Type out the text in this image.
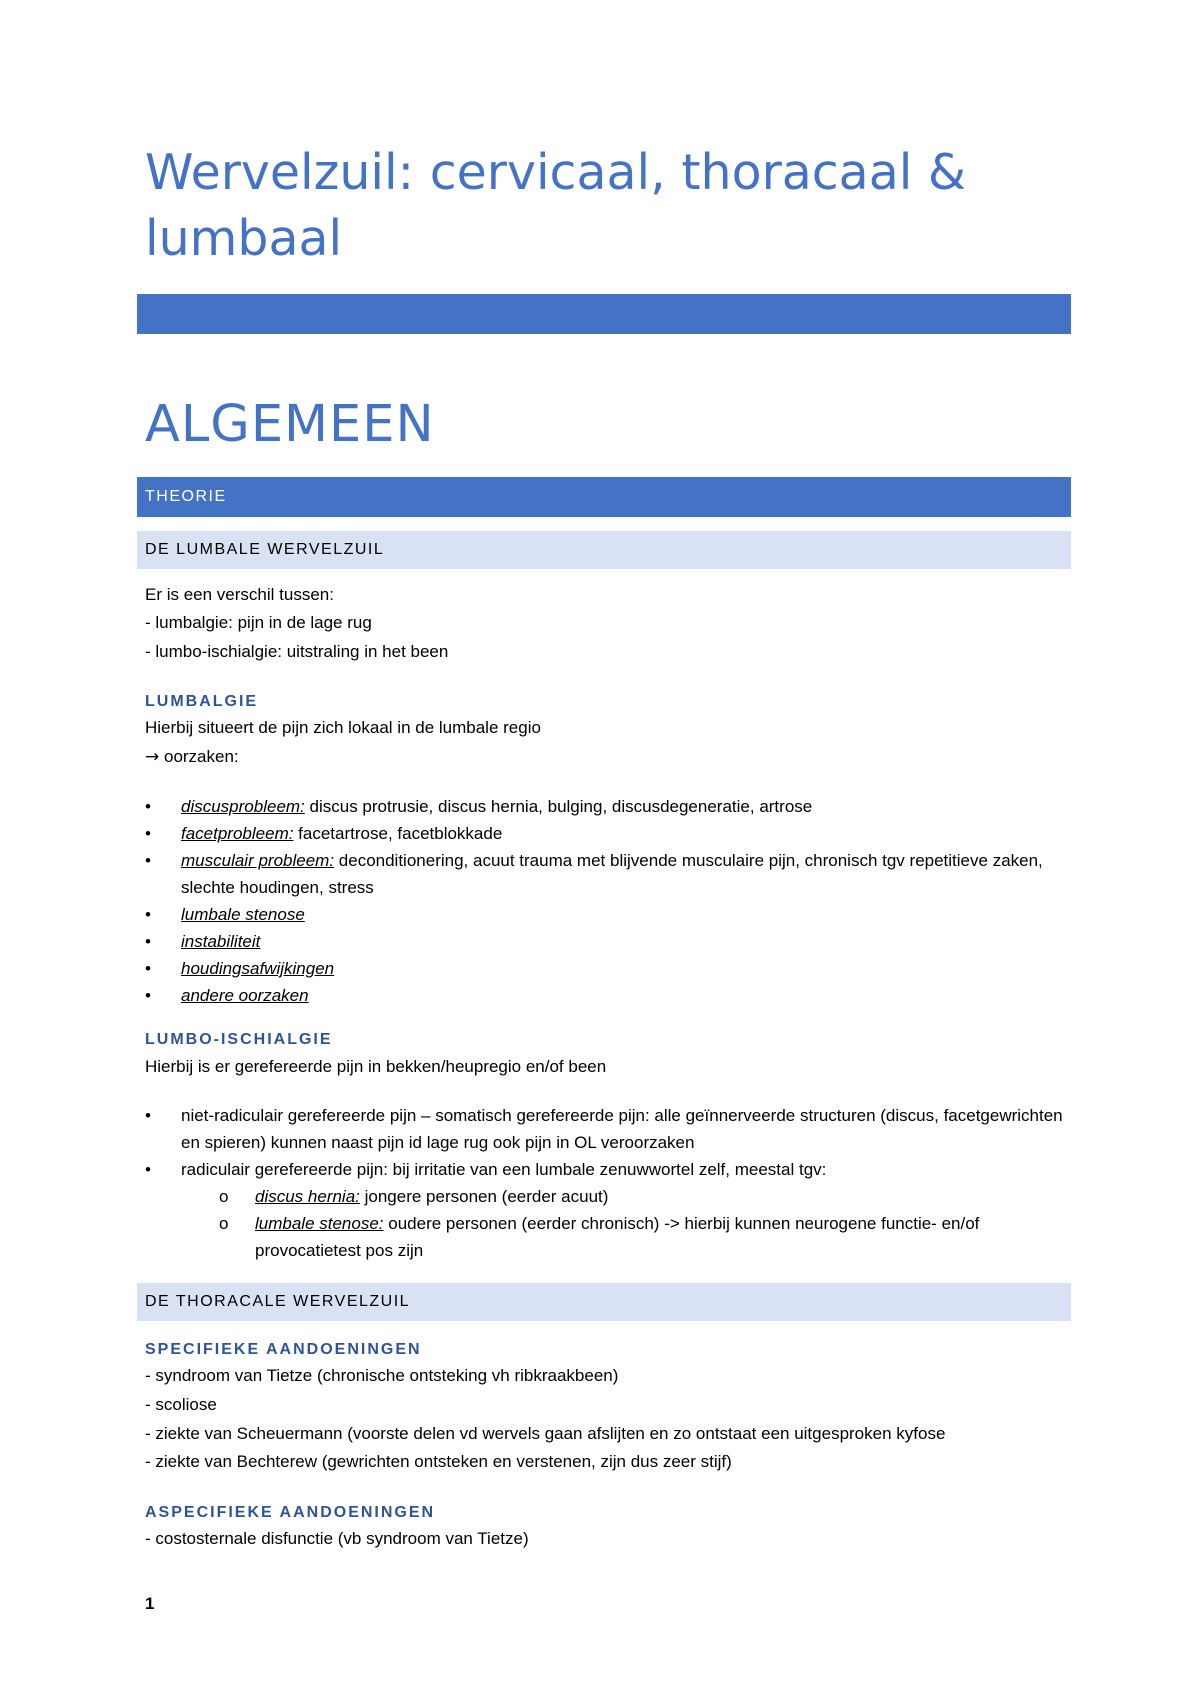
Wervelzuil: cervicaal, thoracaal & lumbaal
ALGEMEEN
THEORIE
DE LUMBALE WERVELZUIL
Er is een verschil tussen:
- lumbalgie: pijn in de lage rug
- lumbo-ischialgie: uitstraling in het been
LUMBALGIE
Hierbij situeert de pijn zich lokaal in de lumbale regio
→ oorzaken:
•	discusprobleem: discus protrusie, discus hernia, bulging, discusdegeneratie, artrose
•	facetprobleem: facetartrose, facetblokkade
•	musculair probleem: deconditionering, acuut trauma met blijvende musculaire pijn, chronisch tgv repetitieve zaken, slechte houdingen, stress
•	lumbale stenose
•	instabiliteit
•	houdingsafwijkingen
•	andere oorzaken
LUMBO-ISCHIALGIE
Hierbij is er gerefereerde pijn in bekken/heupregio en/of been
•	niet-radiculair gerefereerde pijn – somatisch gerefereerde pijn: alle geïnnerveerde structuren (discus, facetgewrichten en spieren) kunnen naast pijn id lage rug ook pijn in OL veroorzaken
•	radiculair gerefereerde pijn: bij irritatie van een lumbale zenuwwortel zelf, meestal tgv:
o	discus hernia: jongere personen (eerder acuut)
o	lumbale stenose: oudere personen (eerder chronisch) -> hierbij kunnen neurogene functie- en/of provocatietest pos zijn
DE THORACALE WERVELZUIL
SPECIFIEKE AANDOENINGEN
- syndroom van Tietze (chronische ontsteking vh ribkraakbeen)
- scoliose
- ziekte van Scheuermann (voorste delen vd wervels gaan afslijten en zo ontstaat een uitgesproken kyfose
- ziekte van Bechterew (gewrichten ontsteken en verstenen, zijn dus zeer stijf)
ASPECIFIEKE AANDOENINGEN
- costosternale disfunctie (vb syndroom van Tietze)
1
